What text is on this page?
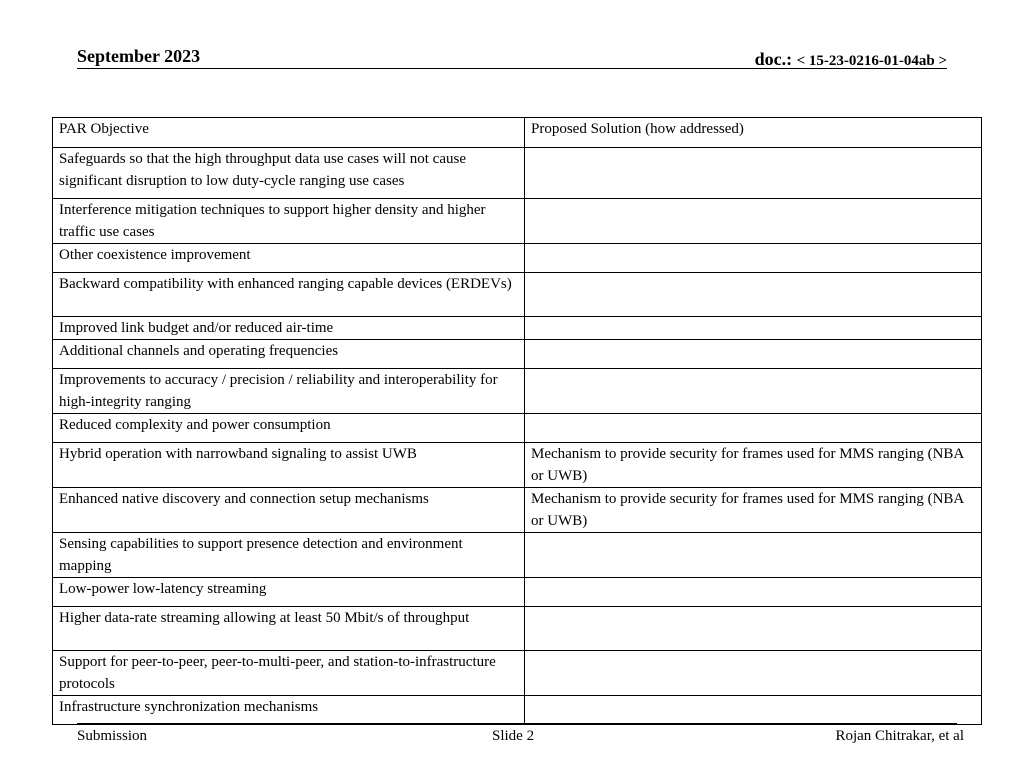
September 2023	doc.: < 15-23-0216-01-04ab >
PAR Objective	Proposed Solution (how addressed)
Safeguards so that the high throughput data use cases will not cause significant disruption to low duty-cycle ranging use cases	
Interference mitigation techniques to support higher density and higher traffic use cases	
Other coexistence improvement	
Backward compatibility with enhanced ranging capable devices (ERDEVs)	
Improved link budget and/or reduced air-time	
Additional channels and operating frequencies	
Improvements to accuracy / precision / reliability and interoperability for high-integrity ranging	
Reduced complexity and power consumption	
Hybrid operation with narrowband signaling to assist UWB	Mechanism to provide security for frames used for MMS ranging (NBA or UWB)
Enhanced native discovery and connection setup mechanisms	Mechanism to provide security for frames used for MMS ranging (NBA or UWB)
Sensing capabilities to support presence detection and environment mapping	
Low-power low-latency streaming	
Higher data-rate streaming allowing at least 50 Mbit/s of throughput	
Support for peer-to-peer, peer-to-multi-peer, and station-to-infrastructure protocols	
Infrastructure synchronization mechanisms	
Submission	Slide 2	Rojan Chitrakar, et al
